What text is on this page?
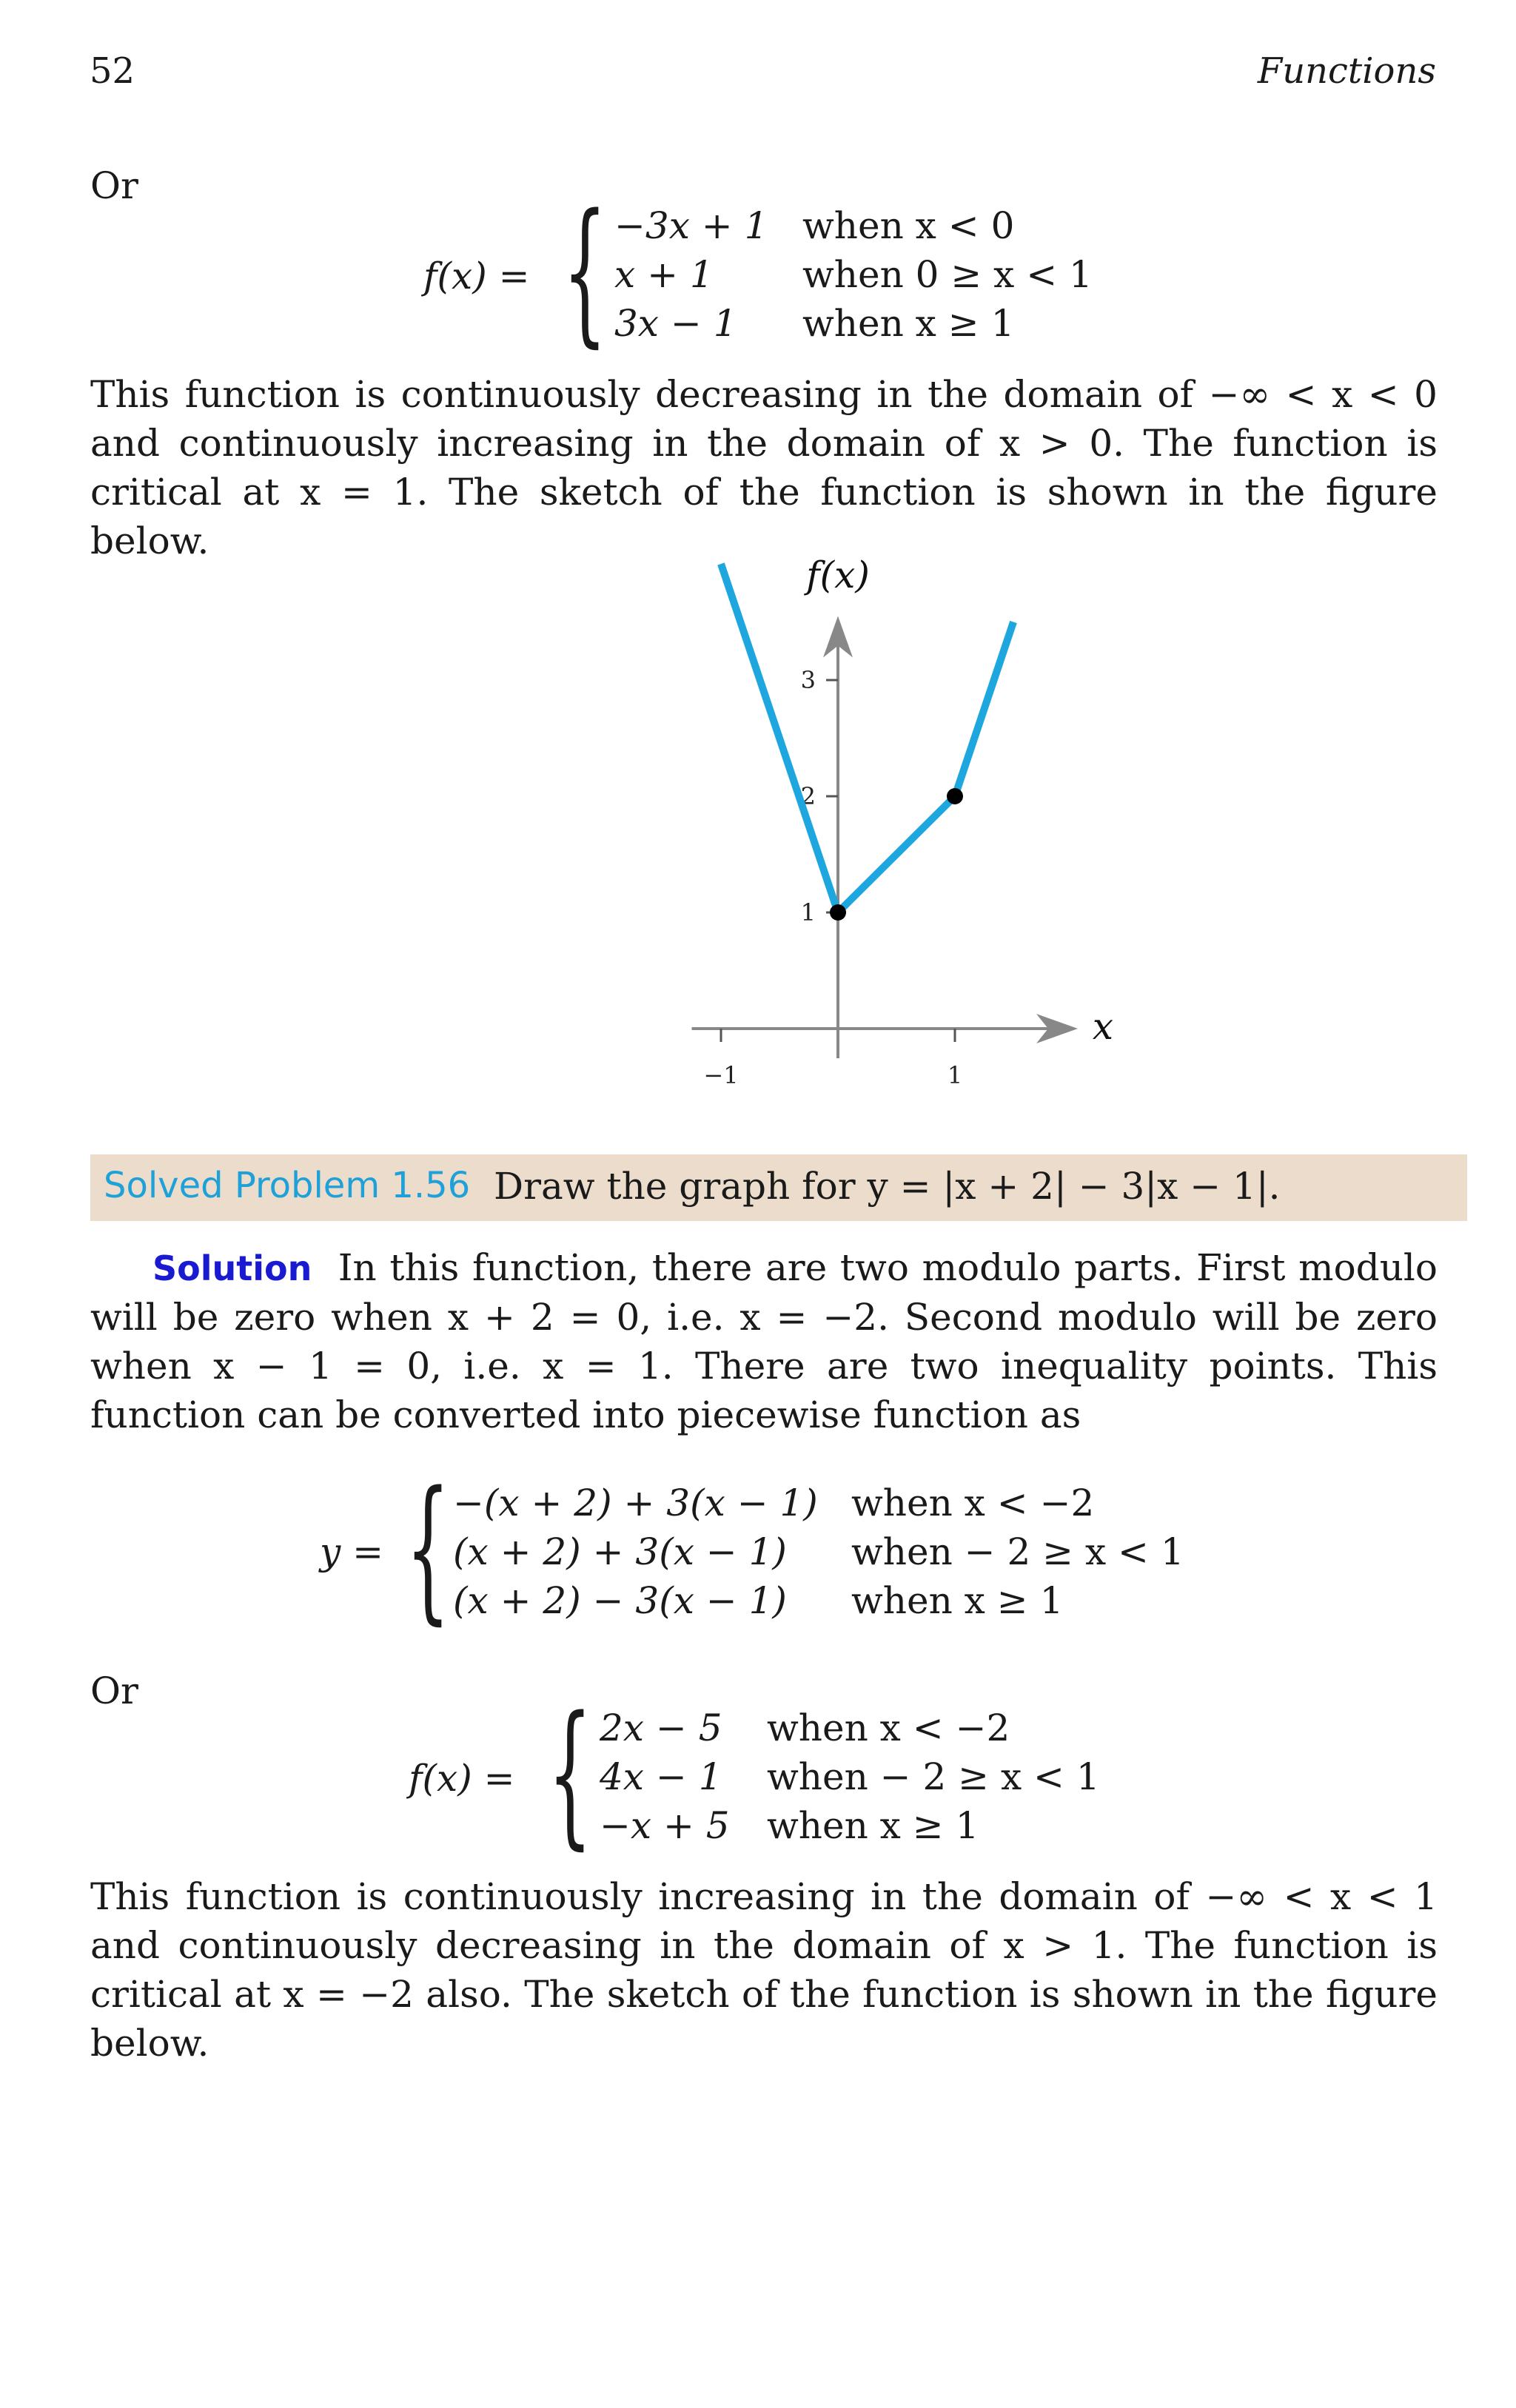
52	Functions
Or
f(x) = { −3x + 1 when x < 0
x + 1 when 0 ≥ x < 1
3x − 1 when x ≥ 1
This function is continuously decreasing in the domain of −∞ < x < 0 and continuously increasing in the domain of x > 0. The function is critical at x = 1. The sketch of the function is shown in the figure below.
−1	1
1
2
3
f(x)
x
Solved Problem 1.56 Draw the graph for y = |x + 2| − 3|x − 1|.
Solution In this function, there are two modulo parts. First modulo will be zero when x + 2 = 0, i.e. x = −2. Second modulo will be zero when x − 1 = 0, i.e. x = 1. There are two inequality points. This function can be converted into piecewise function as
y = { −(x + 2) + 3(x − 1) when x < −2
(x + 2) + 3(x − 1) when − 2 ≥ x < 1
(x + 2) − 3(x − 1) when x ≥ 1
Or
f(x) = { 2x − 5 when x < −2
4x − 1 when − 2 ≥ x < 1
−x + 5 when x ≥ 1
This function is continuously increasing in the domain of −∞ < x < 1 and continuously decreasing in the domain of x > 1. The function is critical at x = −2 also. The sketch of the function is shown in the figure below.
